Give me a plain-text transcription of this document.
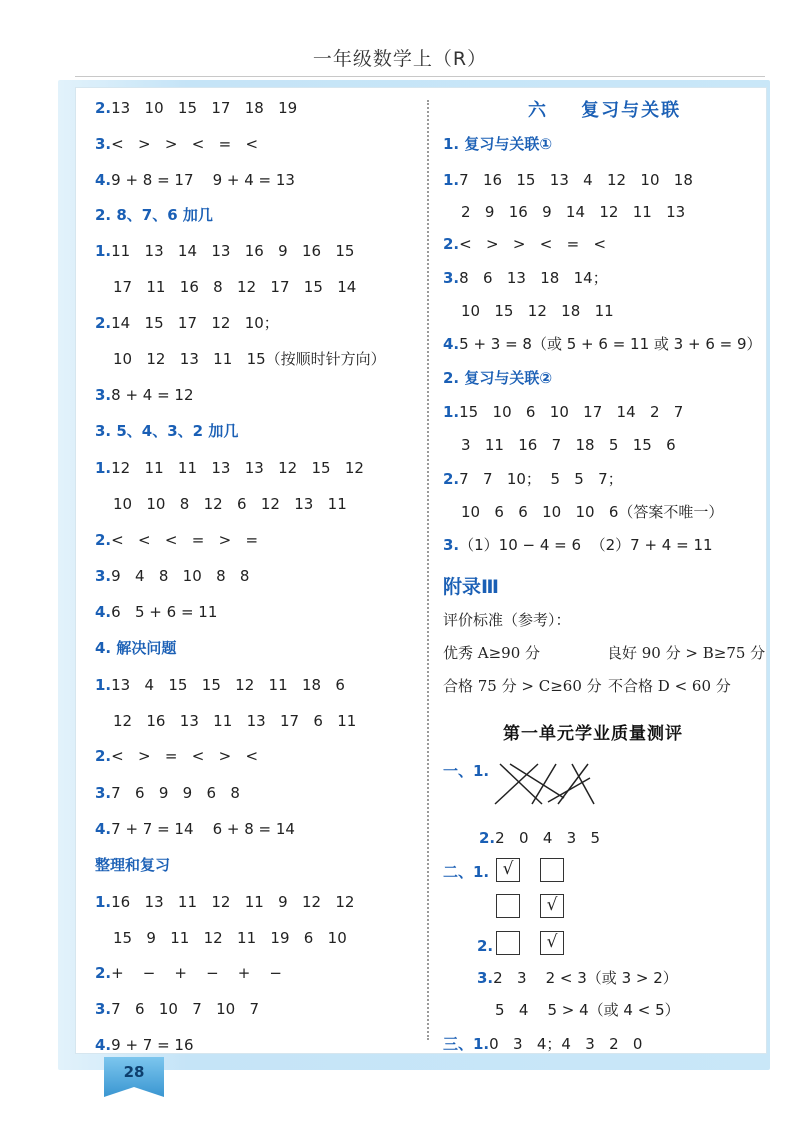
一年级数学上（R）
2.13   10   15   17   18   19
3.<   >   >   <   =   <
4.9 + 8 = 17    9 + 4 = 13
2. 8、7、6 加几
1.11   13   14   13   16   9   16   15
17   11   16   8   12   17   15   14
2.14   15   17   12   10；
10   12   13   11   15（按顺时针方向）
3.8 + 4 = 12
3. 5、4、3、2 加几
1.12   11   11   13   13   12   15   12
10   10   8   12   6   12   13   11
2.<   <   <   =   >   =
3.9   4   8   10   8   8
4.6   5 + 6 = 11
4. 解决问题
1.13   4   15   15   12   11   18   6
12   16   13   11   13   17   6   11
2.<   >   =   <   >   <
3.7   6   9   9   6   8
4.7 + 7 = 14    6 + 8 = 14
整理和复习
1.16   13   11   12   11   9   12   12
15   9   11   12   11   19   6   10
2.+    −    +    −    +    −
3.7   6   10   7   10   7
4.9 + 7 = 16
六    复习与关联
1. 复习与关联①
1.7   16   15   13   4   12   10   18
2   9   16   9   14   12   11   13
2.<   >   >   <   =   <
3.8   6   13   18   14；
10   15   12   18   11
4.5 + 3 = 8（或 5 + 6 = 11 或 3 + 6 = 9）
2. 复习与关联②
1.15   10   6   10   17   14   2   7
3   11   16   7   18   5   15   6
2.7   7   10；  5   5   7；
10   6   6   10   10   6（答案不唯一）
3.（1）10 − 4 = 6  （2）7 + 4 = 11
附录Ⅲ
评价标准（参考）：
优秀 A≥90 分	良好 90 分 > B≥75 分
合格 75 分 > C≥60 分 不合格 D < 60 分
第一单元学业质量测评
一、1.
2.2   0   4   3   5
二、1. √
√
2.	√
3.2   3    2 < 3（或 3 > 2）
5   4    5 > 4（或 4 < 5）
三、1.0   3   4；4   3   2   0
28
